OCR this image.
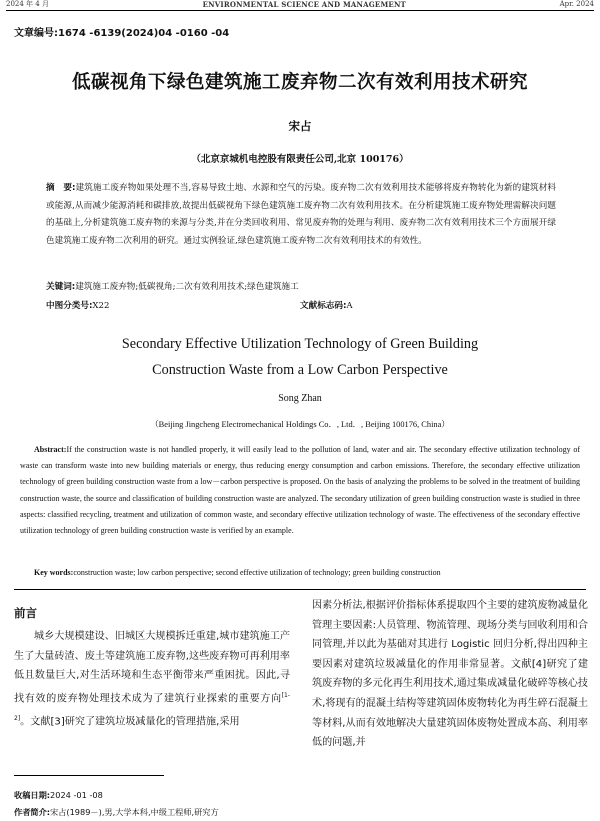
2024 年 4 月	ENVIRONMENTAL SCIENCE AND MANAGEMENT	Apr. 2024
文章编号:1674 -6139(2024)04 -0160 -04
低碳视角下绿色建筑施工废弃物二次有效利用技术研究
宋占
（北京京城机电控股有限责任公司,北京 100176）
摘　要:建筑施工废弃物如果处理不当,容易导致土地、水源和空气的污染。废弃物二次有效利用技术能够将废弃物转化为新的建筑材料或能源,从而减少能源消耗和碳排放,故提出低碳视角下绿色建筑施工废弃物二次有效利用技术。在分析建筑施工废弃物处理需解决问题的基础上,分析建筑施工废弃物的来源与分类,并在分类回收利用、常见废弃物的处理与利用、废弃物二次有效利用技术三个方面展开绿色建筑施工废弃物二次利用的研究。通过实例验证,绿色建筑施工废弃物二次有效利用技术的有效性。
关键词:建筑施工废弃物;低碳视角;二次有效利用技术;绿色建筑施工
中图分类号:X22	文献标志码:A
Secondary Effective Utilization Technology of Green Building
Construction Waste from a Low Carbon Perspective
Song Zhan
（Beijing Jingcheng Electromechanical Holdings Co．, Ltd．, Beijing 100176, China）
Abstract:If the construction waste is not handled properly, it will easily lead to the pollution of land, water and air. The secondary effective utilization technology of waste can transform waste into new building materials or energy, thus reducing energy consumption and carbon emissions. Therefore, the secondary effective utilization technology of green building construction waste from a low－carbon perspective is proposed. On the basis of analyzing the problems to be solved in the treatment of building construction waste, the source and classification of building construction waste are analyzed. The secondary utilization of green building construction waste is studied in three aspects: classified recycling, treatment and utilization of common waste, and secondary effective utilization technology of waste. The effectiveness of the secondary effective utilization technology of green building construction waste is verified by an example.
Key words:construction waste; low carbon perspective; second effective utilization of technology; green building construction
前言
城乡大规模建设、旧城区大规模拆迁重建,城市建筑施工产生了大量砖渣、废土等建筑施工废弃物,这些废弃物可再利用率低且数量巨大,对生活环境和生态平衡带来严重困扰。因此,寻找有效的废弃物处理技术成为了建筑行业探索的重要方向[1-2]。文献[3]研究了建筑垃圾减量化的管理措施,采用
因素分析法,根据评价指标体系提取四个主要的建筑废物减量化管理主要因素:人员管理、物流管理、现场分类与回收利用和合同管理,并以此为基础对其进行 Logistic 回归分析,得出四种主要因素对建筑垃圾减量化的作用非常显著。文献[4]研究了建筑废弃物的多元化再生利用技术,通过集成减量化破碎等核心技术,将现有的混凝土结构等建筑固体废物转化为再生碎石混凝土等材料,从而有效地解决大量建筑固体废物处置成本高、利用率低的问题,并
收稿日期:2024 -01 -08
作者简介:宋占(1989－),男,大学本科,中级工程师,研究方
